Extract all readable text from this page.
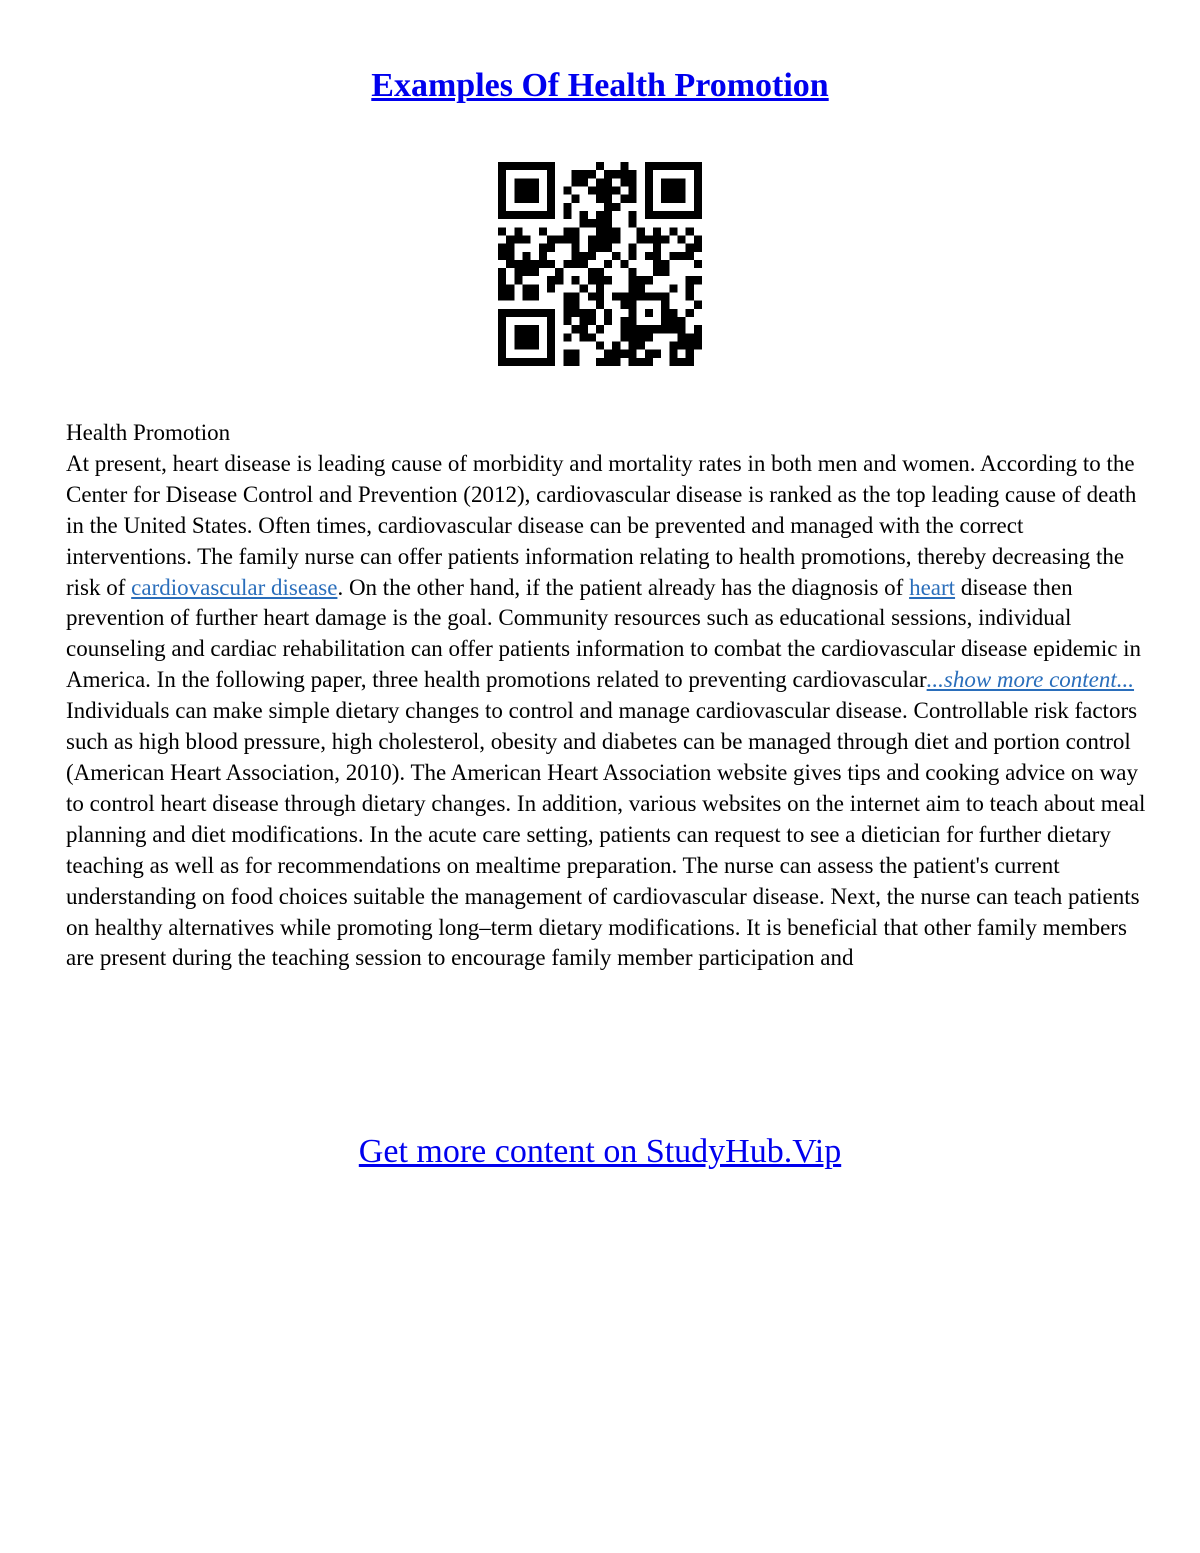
Examples Of Health Promotion

Health Promotion

At present, heart disease is leading cause of morbidity and mortality rates in both men and women. According to the Center for Disease Control and Prevention (2012), cardiovascular disease is ranked as the top leading cause of death in the United States. Often times, cardiovascular disease can be prevented and managed with the correct interventions. The family nurse can offer patients information relating to health promotions, thereby decreasing the risk of cardiovascular disease. On the other hand, if the patient already has the diagnosis of heart disease then prevention of further heart damage is the goal. Community resources such as educational sessions, individual counseling and cardiac rehabilitation can offer patients information to combat the cardiovascular disease epidemic in America. In the following paper, three health promotions related to preventing cardiovascular...show more content...

Individuals can make simple dietary changes to control and manage cardiovascular disease. Controllable risk factors such as high blood pressure, high cholesterol, obesity and diabetes can be managed through diet and portion control (American Heart Association, 2010). The American Heart Association website gives tips and cooking advice on way to control heart disease through dietary changes. In addition, various websites on the internet aim to teach about meal planning and diet modifications. In the acute care setting, patients can request to see a dietician for further dietary teaching as well as for recommendations on mealtime preparation. The nurse can assess the patient's current understanding on food choices suitable the management of cardiovascular disease. Next, the nurse can teach patients on healthy alternatives while promoting long–term dietary modifications. It is beneficial that other family members are present during the teaching session to encourage family member participation and

Get more content on StudyHub.Vip
